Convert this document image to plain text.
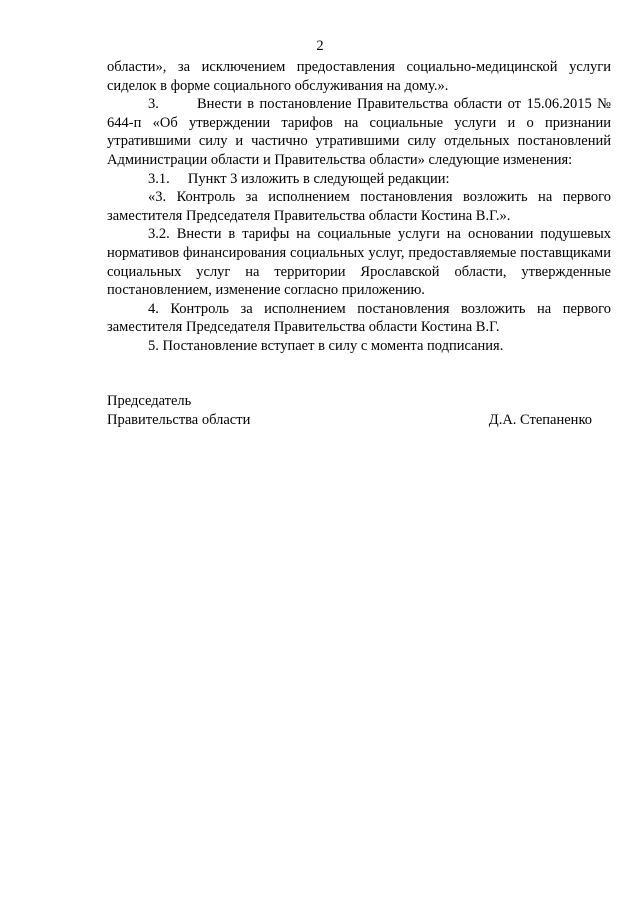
2

области», за исключением предоставления социально-медицинской услуги сиделок в форме социального обслуживания на дому.».

3.       Внести в постановление Правительства области от 15.06.2015 № 644-п «Об утверждении тарифов на социальные услуги и о признании утратившими силу и частично утратившими силу отдельных постановлений Администрации области и Правительства области» следующие изменения:

3.1.     Пункт 3 изложить в следующей редакции:

«3. Контроль за исполнением постановления возложить на первого заместителя Председателя Правительства области Костина В.Г.».

3.2. Внести в тарифы на социальные услуги на основании подушевых нормативов финансирования социальных услуг, предоставляемые поставщиками социальных услуг на территории Ярославской области, утвержденные постановлением, изменение согласно приложению.

4. Контроль за исполнением постановления возложить на первого заместителя Председателя Правительства области Костина В.Г.

5. Постановление вступает в силу с момента подписания.

Председатель
Правительства области	Д.А. Степаненко
